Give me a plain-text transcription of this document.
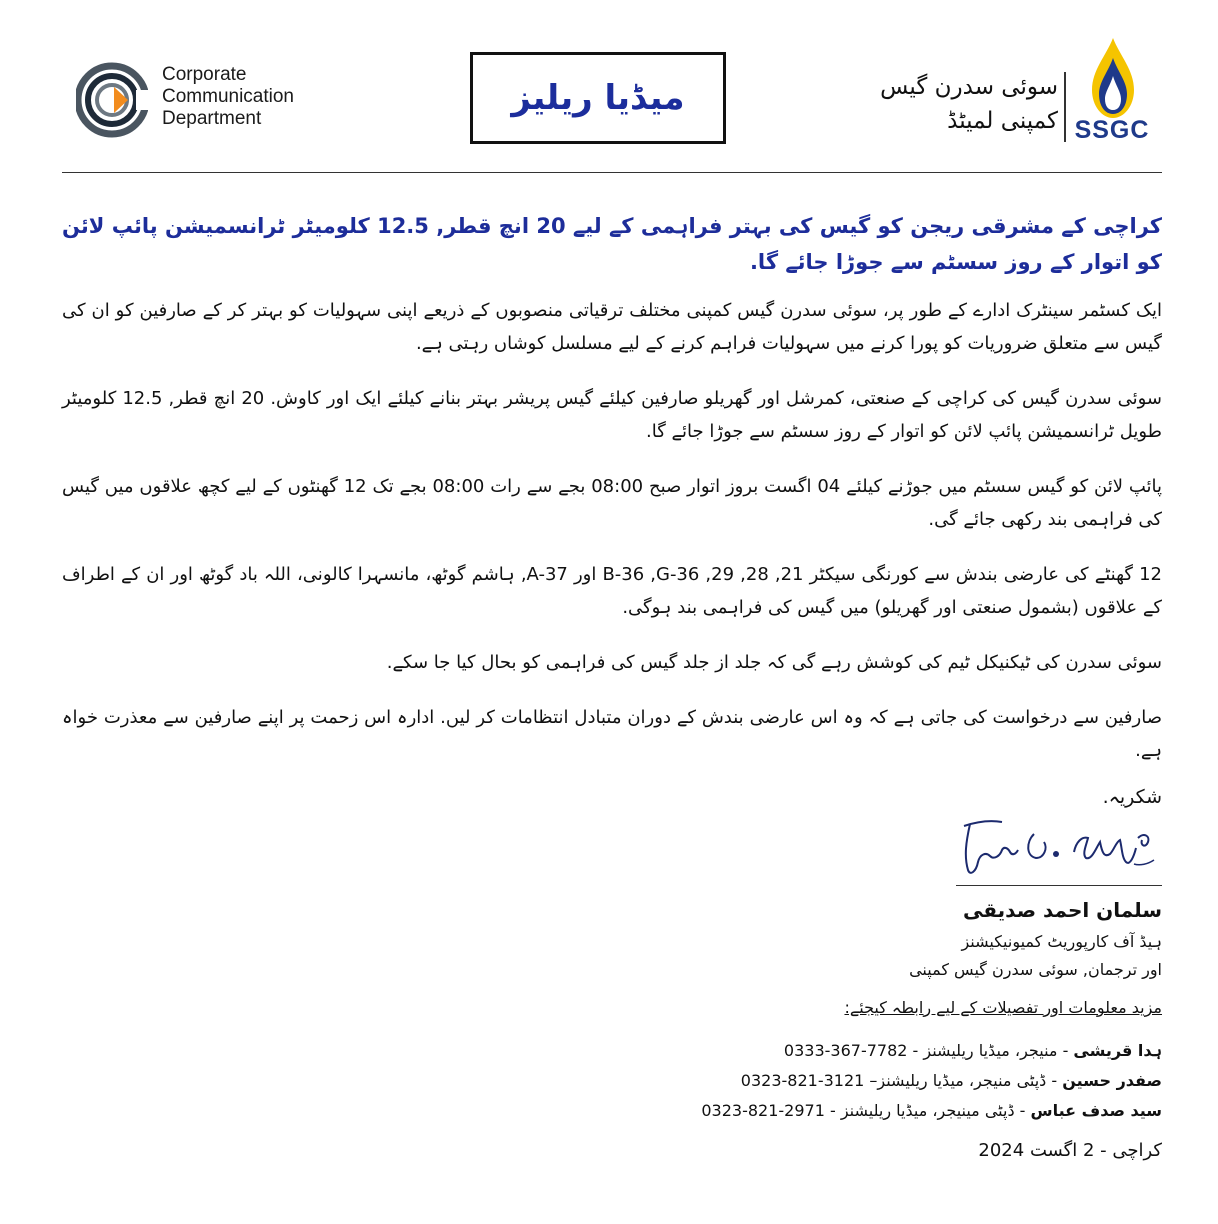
Corporate
Communication
Department
میڈیا ریلیز	سوئی سدرن گیس
کمپنی لمیٹڈ SSGC

کراچی کے مشرقی ریجن کو گیس کی بہتر فراہمی کے لیے 20 انچ قطر, 12.5 کلومیٹر ٹرانسمیشن پائپ لائن کو اتوار کے روز سسٹم سے جوڑا جائے گا.

ایک کسٹمر سینٹرک ادارے کے طور پر، سوئی سدرن گیس کمپنی مختلف ترقیاتی منصوبوں کے ذریعے اپنی سہولیات کو بہتر کر کے صارفین کو ان کی گیس سے متعلق ضروریات کو پورا کرنے میں سہولیات فراہم کرنے کے لیے مسلسل کوشاں رہتی ہے.

سوئی سدرن گیس کی کراچی کے صنعتی، کمرشل اور گھریلو صارفین کیلئے گیس پریشر بہتر بنانے کیلئے ایک اور کاوش. 20 انچ قطر, 12.5 کلومیٹر طویل ٹرانسمیشن پائپ لائن کو اتوار کے روز سسٹم سے جوڑا جائے گا.

پائپ لائن کو گیس سسٹم میں جوڑنے کیلئے 04 اگست بروز اتوار صبح 08:00 بجے سے رات 08:00 بجے تک 12 گھنٹوں کے لیے کچھ علاقوں میں گیس کی فراہمی بند رکھی جائے گی.

12 گھنٹے کی عارضی بندش سے کورنگی سیکٹر 21, 28, 29, B-36 ,G-36 اور A-37, ہاشم گوٹھ، مانسہرا کالونی، اللہ باد گوٹھ اور ان کے اطراف کے علاقوں (بشمول صنعتی اور گھریلو) میں گیس کی فراہمی بند ہوگی.

سوئی سدرن کی ٹیکنیکل ٹیم کی کوشش رہے گی کہ جلد از جلد گیس کی فراہمی کو بحال کیا جا سکے.

صارفین سے درخواست کی جاتی ہے کہ وہ اس عارضی بندش کے دوران متبادل انتظامات کر لیں. ادارہ اس زحمت پر اپنے صارفین سے معذرت خواہ ہے.

شکریہ.
سلمان احمد صدیقی
ہیڈ آف کارپوریٹ کمیونیکیشنز
اور ترجمان, سوئی سدرن گیس کمپنی
مزید معلومات اور تفصیلات کے لیے رابطہ کیجئے:
ہدا قریشی - منیجر، میڈیا ریلیشنز - 0333-367-7782
صفدر حسین - ڈپٹی منیجر، میڈیا ریلیشنز– 0323-821-3121
سید صدف عباس - ڈپٹی مینیجر، میڈیا ریلیشنز - 0323-821-2971
کراچی - 2 اگست 2024
